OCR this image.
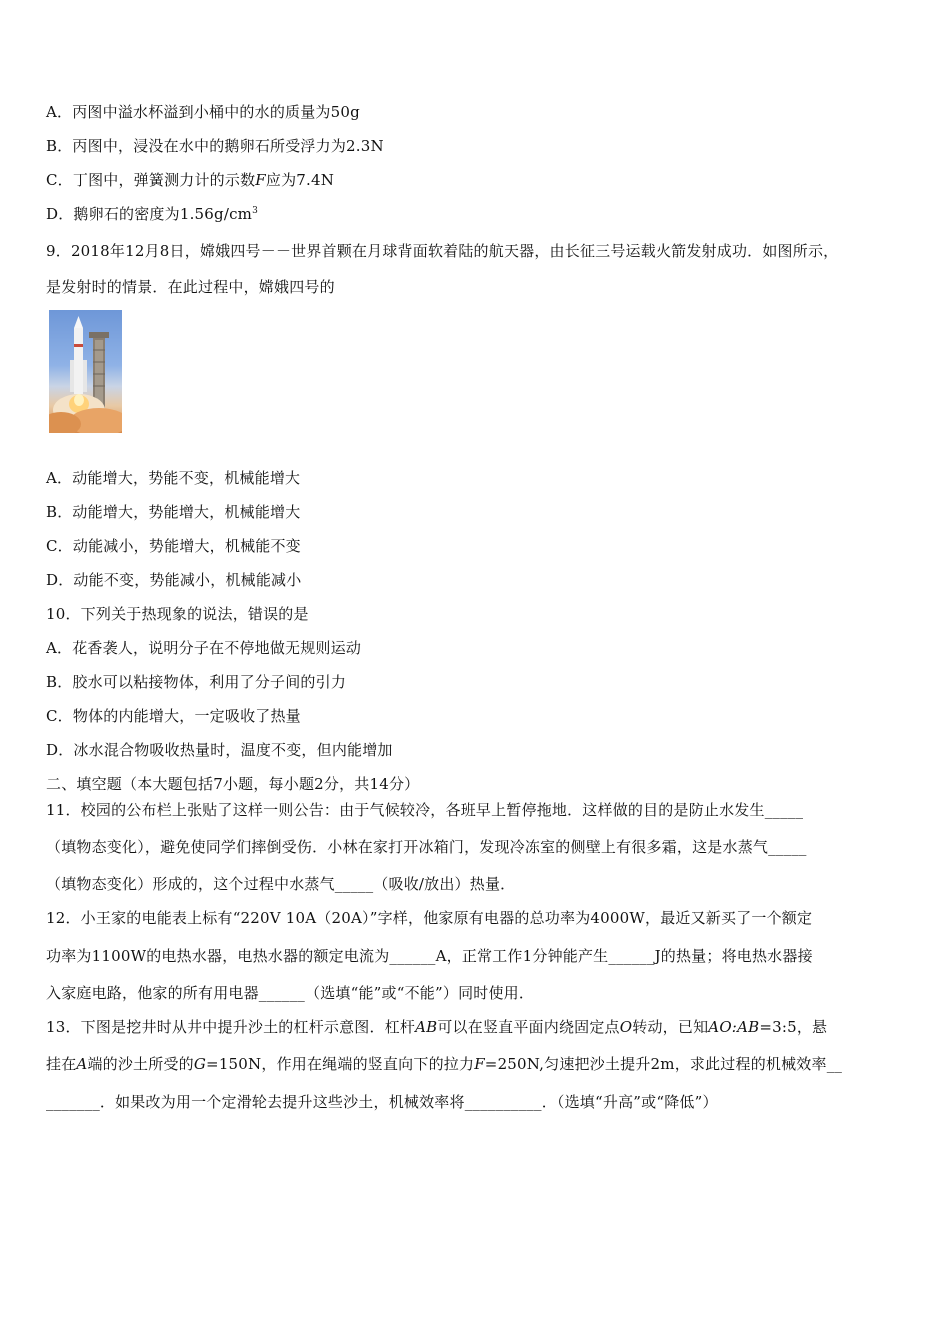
A．丙图中溢水杯溢到小桶中的水的质量为50g
B．丙图中，浸没在水中的鹅卵石所受浮力为2.3N
C．丁图中，弹簧测力计的示数F应为7.4N
D．鹅卵石的密度为$1.56g/cm^3$
9．2018年12月8日，嫦娥四号－－世界首颗在月球背面软着陆的航天器，由长征三号运载火箭发射成功．如图所示，
是发射时的情景．在此过程中，嫦娥四号的
A．动能增大，势能不变，机械能增大
B．动能增大，势能增大，机械能增大
C．动能减小，势能增大，机械能不变
D．动能不变，势能减小，机械能减小
10．下列关于热现象的说法，错误的是
A．花香袭人，说明分子在不停地做无规则运动
B．胶水可以粘接物体，利用了分子间的引力
C．物体的内能增大，一定吸收了热量
D．冰水混合物吸收热量时，温度不变，但内能增加
二、填空题（本大题包括7小题，每小题2分，共14分）
11．校园的公布栏上张贴了这样一则公告：由于气候较冷，各班早上暂停拖地．这样做的目的是防止水发生_____
（填物态变化），避免使同学们摔倒受伤．小林在家打开冰箱门，发现冷冻室的侧壁上有很多霜，这是水蒸气_____
（填物态变化）形成的，这个过程中水蒸气_____（吸收/放出）热量．
12．小王家的电能表上标有“220V 10A（20A）”字样，他家原有电器的总功率为4000W，最近又新买了一个额定
功率为1100W的电热水器，电热水器的额定电流为______A，正常工作1分钟能产生______J的热量；将电热水器接
入家庭电路，他家的所有用电器______（选填“能”或“不能”）同时使用．
13．下图是挖井时从井中提升沙土的杠杆示意图．杠杆AB可以在竖直平面内绕固定点O转动，已知AO:AB=3:5，悬
挂在A端的沙土所受的G=150N，作用在绳端的竖直向下的拉力F=250N,匀速把沙土提升2m，求此过程的机械效率__
_______．如果改为用一个定滑轮去提升这些沙土，机械效率将__________．（选填“升高”或“降低”）
